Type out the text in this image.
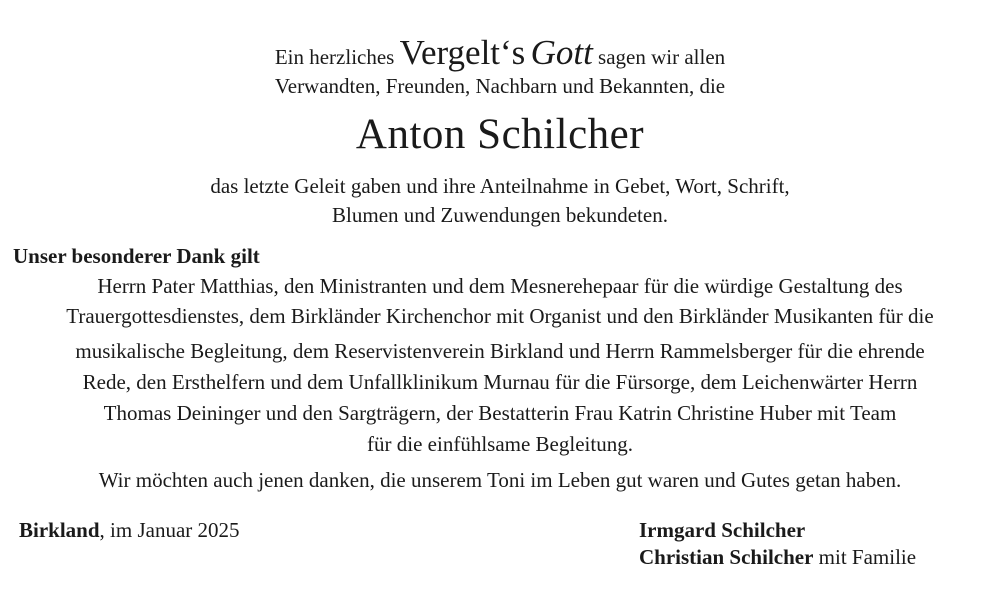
Ein herzliches Vergelt‘s Gott sagen wir allen
Verwandten, Freunden, Nachbarn und Bekannten, die
Anton Schilcher
das letzte Geleit gaben und ihre Anteilnahme in Gebet, Wort, Schrift,
Blumen und Zuwendungen bekundeten.
Unser besonderer Dank gilt
Herrn Pater Matthias, den Ministranten und dem Mesnerehepaar für die würdige Gestaltung des
Trauergottesdienstes, dem Birkländer Kirchenchor mit Organist und den Birkländer Musikanten für die
musikalische Begleitung, dem Reservistenverein Birkland und Herrn Rammelsberger für die ehrende
Rede, den Ersthelfern und dem Unfallklinikum Murnau für die Fürsorge, dem Leichenwärter Herrn
Thomas Deininger und den Sargträgern, der Bestatterin Frau Katrin Christine Huber mit Team
für die einfühlsame Begleitung.
Wir möchten auch jenen danken, die unserem Toni im Leben gut waren und Gutes getan haben.
Birkland, im Januar 2025	Irmgard Schilcher
Christian Schilcher mit Familie
